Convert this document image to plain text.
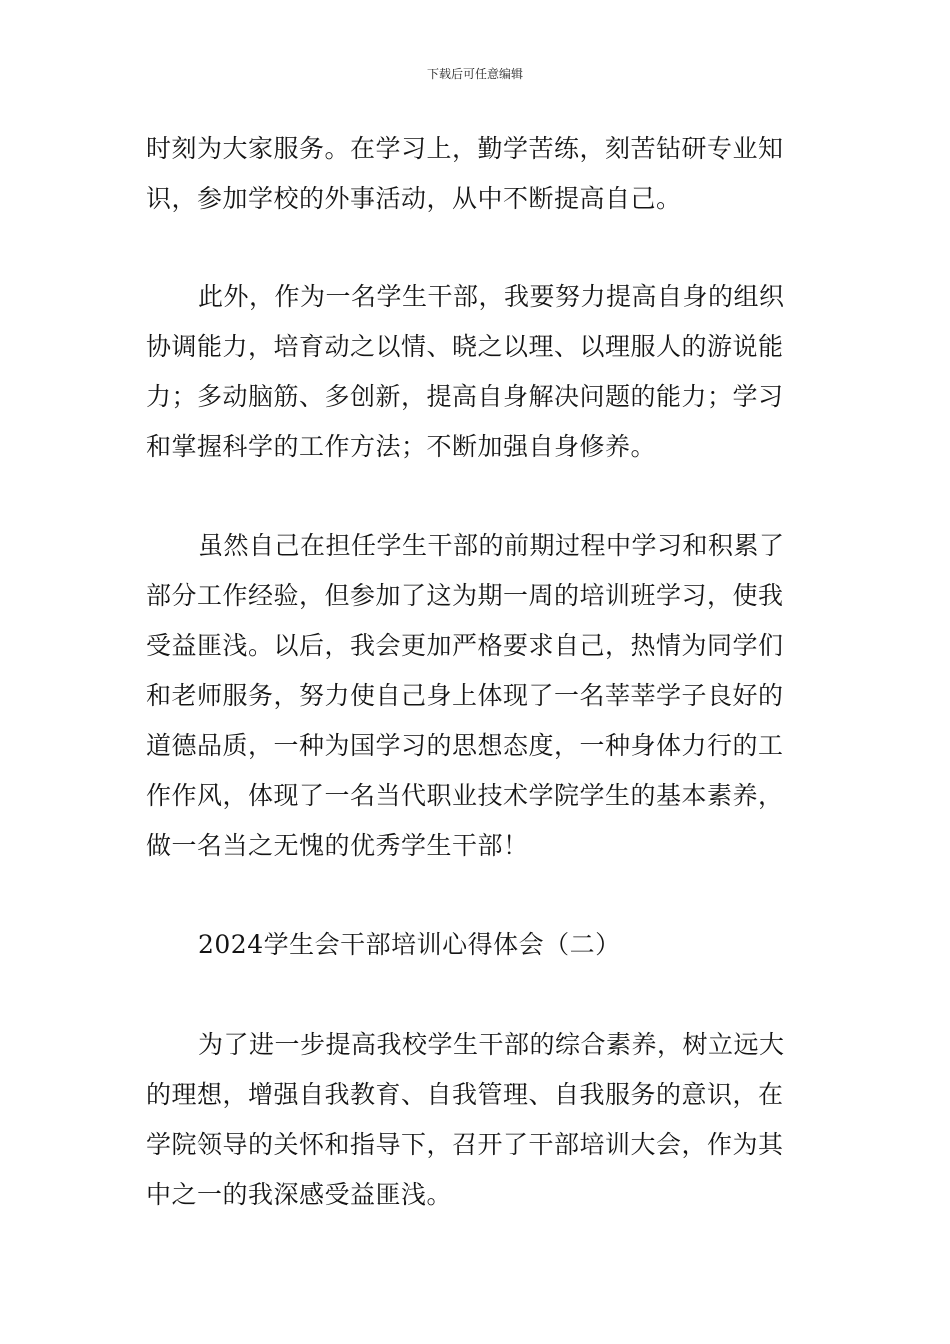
下载后可任意编辑
时刻为大家服务。在学习上，勤学苦练，刻苦钻研专业知
识，参加学校的外事活动，从中不断提高自己。
此外，作为一名学生干部，我要努力提高自身的组织
协调能力，培育动之以情、晓之以理、以理服人的游说能
力；多动脑筋、多创新，提高自身解决问题的能力；学习
和掌握科学的工作方法；不断加强自身修养。
虽然自己在担任学生干部的前期过程中学习和积累了
部分工作经验，但参加了这为期一周的培训班学习，使我
受益匪浅。以后，我会更加严格要求自己，热情为同学们
和老师服务，努力使自己身上体现了一名莘莘学子良好的
道德品质，一种为国学习的思想态度，一种身体力行的工
作作风，体现了一名当代职业技术学院学生的基本素养，
做一名当之无愧的优秀学生干部！
2024学生会干部培训心得体会（二）
为了进一步提高我校学生干部的综合素养，树立远大
的理想，增强自我教育、自我管理、自我服务的意识，在
学院领导的关怀和指导下，召开了干部培训大会，作为其
中之一的我深感受益匪浅。
